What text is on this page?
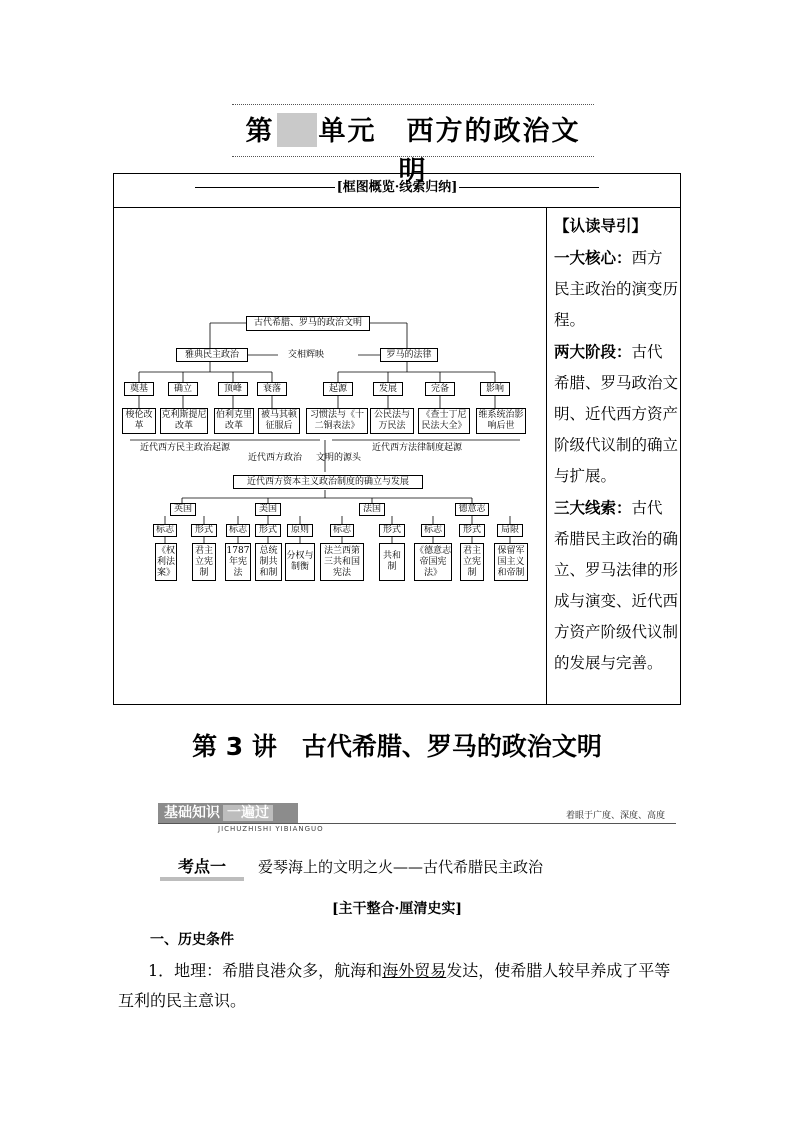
第 单元 西方的政治文明
[框图概览·线索归纳]
【认读导引】
一大核心：西方民主政治的演变历程。
两大阶段：古代希腊、罗马政治文明、近代西方资产阶级代议制的确立与扩展。
三大线索：古代希腊民主政治的确立、罗马法律的形成与演变、近代西方资产阶级代议制的发展与完善。
古代希腊、罗马的政治文明
雅典民主政治	交相辉映	罗马的法律
奠基	确立	顶峰	衰落	起源	发展	完备	影响
梭伦改革
克利斯提尼改革
伯利克里改革
被马其顿征服后
习惯法与《十二铜表法》
公民法与万民法
《查士丁尼民法大全》
维系统治影响后世
近代西方民主政治起源	近代西方法律制度起源
近代西方政治 文明的源头
近代西方资本主义政治制度的确立与发展
英国	美国	法国	德意志
标志	形式	标志	形式	原则	标志	形式	标志	形式	局限
《权利法案》
君主立宪制
1787年宪法
总统制共和制
分权与制衡
法兰西第三共和国宪法
共和制
《德意志帝国宪法》
君主立宪制
保留军国主义和帝制
第 3 讲　古代希腊、罗马的政治文明
基础知识 一遍过
JICHUZHISHI YIBIANGUO
着眼于广度、深度、高度
考点一	爱琴海上的文明之火——古代希腊民主政治
[主干整合·厘清史实]
一、历史条件
1．地理：希腊良港众多，航海和海外贸易发达，使希腊人较早养成了平等互利的民主意识。
